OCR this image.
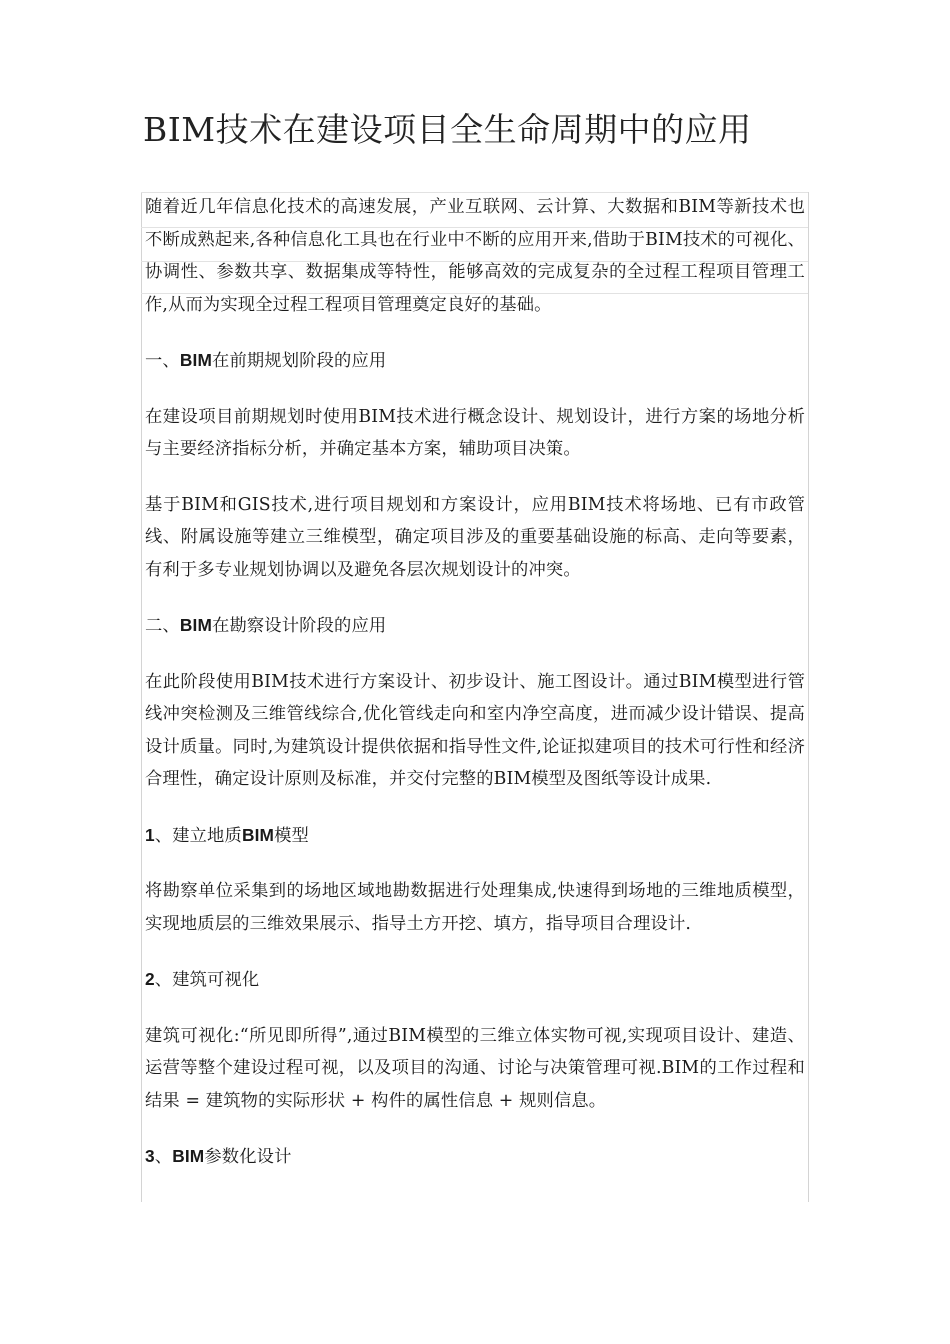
BIM技术在建设项目全生命周期中的应用

随着近几年信息化技术的高速发展，产业互联网、云计算、大数据和BIM等新技术也不断成熟起来,各种信息化工具也在行业中不断的应用开来,借助于BIM技术的可视化、协调性、参数共享、数据集成等特性，能够高效的完成复杂的全过程工程项目管理工作,从而为实现全过程工程项目管理奠定良好的基础。

一、BIM在前期规划阶段的应用

在建设项目前期规划时使用BIM技术进行概念设计、规划设计，进行方案的场地分析与主要经济指标分析，并确定基本方案，辅助项目决策。

基于BIM和GIS技术,进行项目规划和方案设计，应用BIM技术将场地、已有市政管线、附属设施等建立三维模型，确定项目涉及的重要基础设施的标高、走向等要素，有利于多专业规划协调以及避免各层次规划设计的冲突。

二、BIM在勘察设计阶段的应用

在此阶段使用BIM技术进行方案设计、初步设计、施工图设计。通过BIM模型进行管线冲突检测及三维管线综合,优化管线走向和室内净空高度，进而减少设计错误、提高设计质量。同时,为建筑设计提供依据和指导性文件,论证拟建项目的技术可行性和经济合理性，确定设计原则及标准，并交付完整的BIM模型及图纸等设计成果.

1、建立地质BIM模型

将勘察单位采集到的场地区域地勘数据进行处理集成,快速得到场地的三维地质模型，实现地质层的三维效果展示、指导土方开挖、填方，指导项目合理设计.

2、建筑可视化

建筑可视化:“所见即所得”,通过BIM模型的三维立体实物可视,实现项目设计、建造、运营等整个建设过程可视，以及项目的沟通、讨论与决策管理可视.BIM的工作过程和结果 = 建筑物的实际形状 + 构件的属性信息 + 规则信息。

3、BIM参数化设计
